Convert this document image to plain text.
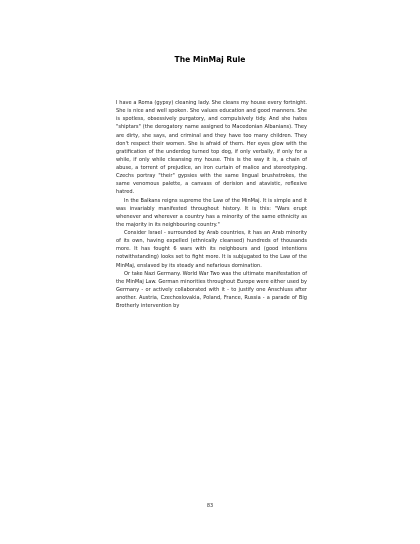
The MinMaj Rule

I have a Roma (gypsy) cleaning lady. She cleans my house every fortnight. She is nice and well spoken. She values education and good manners. She is spotless, obsessively purgatory, and compulsively tidy. And she hates "shiptars" (the derogatory name assigned to Macedonian Albanians). They are dirty, she says, and criminal and they have too many children. They don't respect their women. She is afraid of them. Her eyes glow with the gratification of the underdog turned top dog, if only verbally, if only for a while, if only while cleansing my house. This is the way it is, a chain of abuse, a torrent of prejudice, an iron curtain of malice and stereotyping. Czechs portray "their" gypsies with the same lingual brushstrokes, the same venomous palette, a canvass of derision and atavistic, reflexive hatred.

In the Balkans reigns supreme the Law of the MinMaj. It is simple and it was invariably manifested throughout history. It is this: "Wars erupt whenever and wherever a country has a minority of the same ethnicity as the majority in its neighbouring country."

Consider Israel - surrounded by Arab countries, it has an Arab minority of its own, having expelled (ethnically cleansed) hundreds of thousands more. It has fought 6 wars with its neighbours and (good intentions notwithstanding) looks set to fight more. It is subjugated to the Law of the MinMaj, enslaved by its steady and nefarious domination.

Or take Nazi Germany. World War Two was the ultimate manifestation of the MinMaj Law. German minorities throughout Europe were either used by Germany - or actively collaborated with it - to justify one Anschluss after another. Austria, Czechoslovakia, Poland, France, Russia - a parade of Big Brotherly intervention by

83
